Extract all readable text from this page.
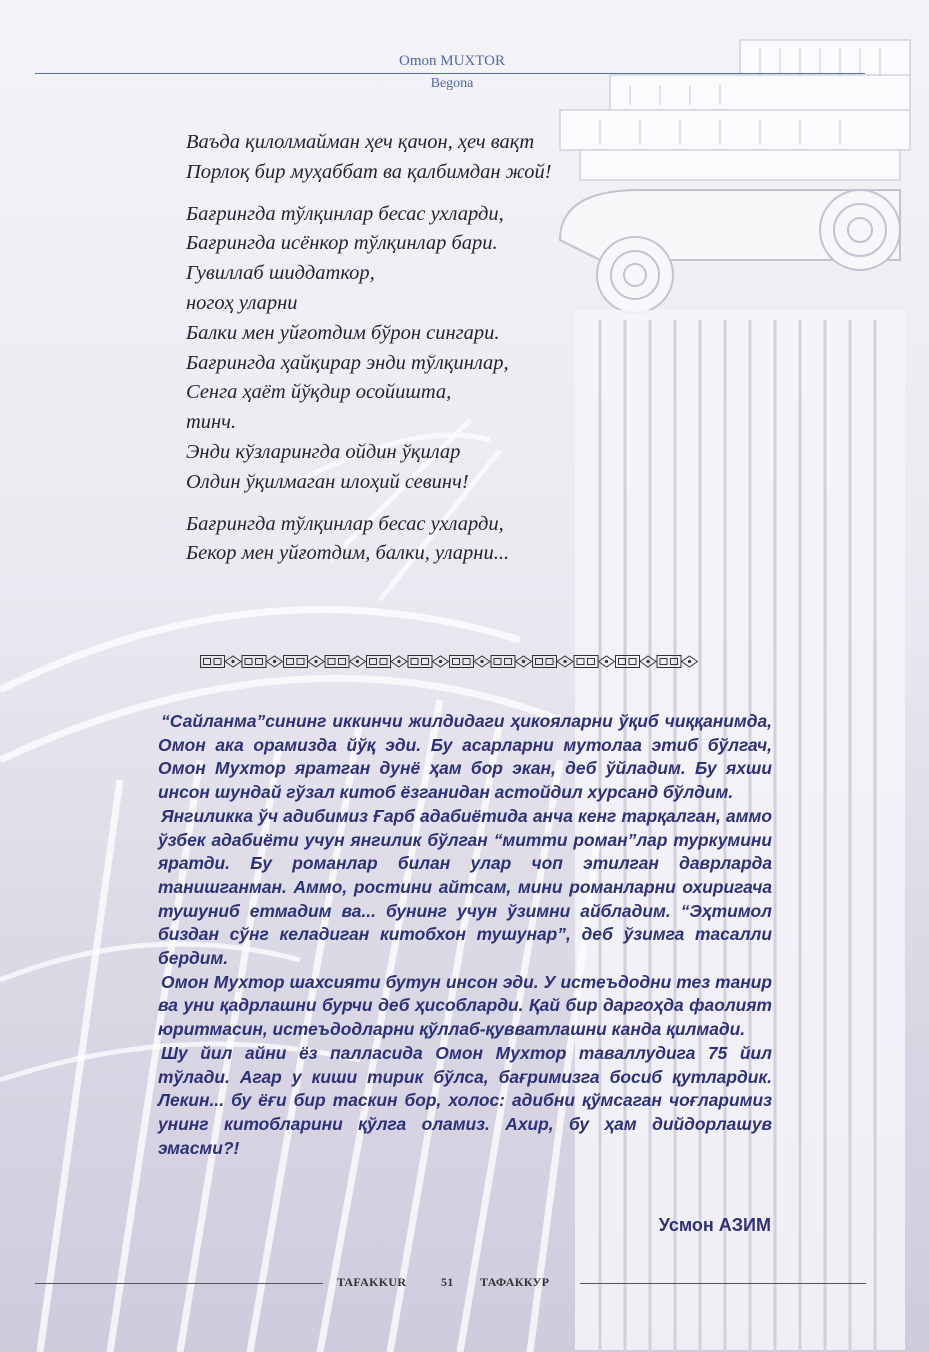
Omon MUXTOR
Begona
Ваъда қилолмайман ҳеч қачон, ҳеч вақт
Порлоқ бир муҳаббат ва қалбимдан жой!
Бағрингда тўлқинлар бесас ухларди,
Бағрингда исёнкор тўлқинлар бари.
Гувиллаб шиддаткор,
ногоҳ уларни
Балки мен уйғотдим бўрон сингари.
Бағрингда ҳайқирар энди тўлқинлар,
Сенга ҳаёт йўқдир осойишта,
тинч.
Энди кўзларингда ойдин ўқилар
Олдин ўқилмаган илоҳий севинч!
Бағрингда тўлқинлар бесас ухларди,
Бекор мен уйғотдим, балки, уларни...

“Сайланма”сининг иккинчи жилдидаги ҳикояларни ўқиб чиққанимда, Омон ака орамизда йўқ эди. Бу асарларни мутолаа этиб бўлгач, Омон Мухтор яратган дунё ҳам бор экан, деб ўйладим. Бу яхши инсон шундай гўзал китоб ёзганидан астойдил хурсанд бўлдим.

Янгиликка ўч адибимиз Ғарб адабиётида анча кенг тарқалган, аммо ўзбек адабиёти учун янгилик бўлган “митти роман”лар туркумини яратди. Бу романлар билан улар чоп этилган даврларда танишганман. Аммо, ростини айтсам, мини романларни охиригача тушуниб етмадим ва... бунинг учун ўзимни айбладим. “Эҳтимол биздан сўнг келадиган китобхон тушунар”, деб ўзимга тасалли бердим.

Омон Мухтор шахсияти бутун инсон эди. У истеъдодни тез танир ва уни қадрлашни бурчи деб ҳисобларди. Қай бир даргоҳда фаолият юритмасин, истеъдодларни қўллаб-қувватлашни канда қилмади.

Шу йил айни ёз палласида Омон Мухтор таваллудига 75 йил тўлади. Агар у киши тирик бўлса, бағримизга босиб қутлардик. Лекин... бу ёғи бир таскин бор, холос: адибни қўмсаган чоғларимиз унинг китобларини қўлга оламиз. Ахир, бу ҳам дийдорлашув эмасми?!

Усмон АЗИМ
TAFAKKUR	51 ТАФАККУР
